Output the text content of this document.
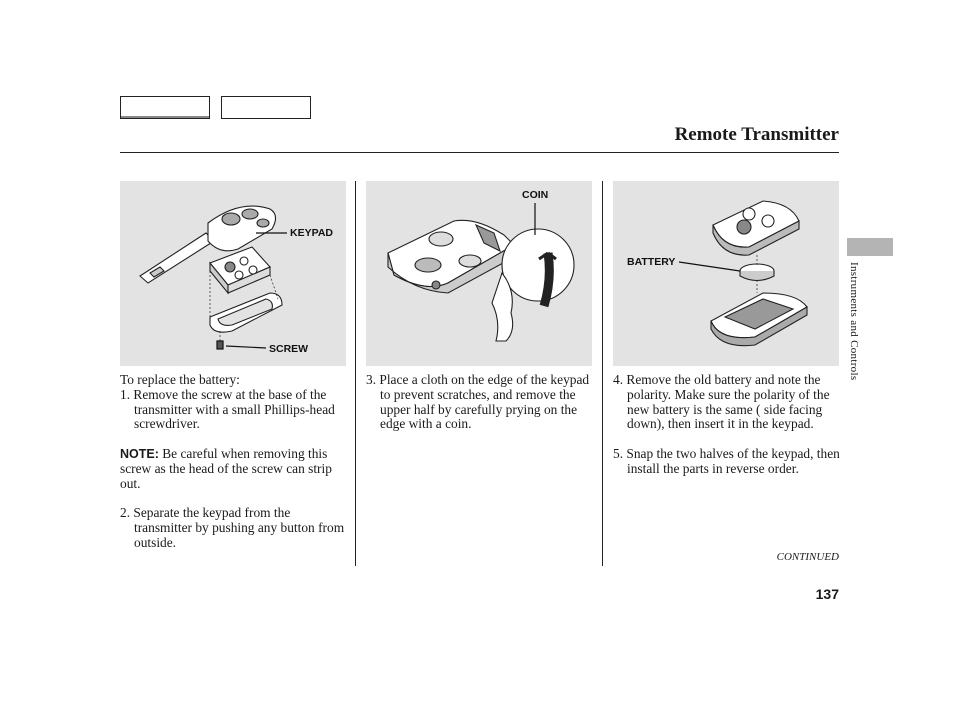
Remote Transmitter
KEYPAD
SCREW
COIN
BATTERY

To replace the battery:

1. Remove the screw at the base of the transmitter with a small Phillips-head screwdriver.

NOTE: Be careful when removing this screw as the head of the screw can strip out.

2. Separate the keypad from the transmitter by pushing any button from outside.

3. Place a cloth on the edge of the keypad to prevent scratches, and remove the upper half by carefully prying on the edge with a coin.

4. Remove the old battery and note the polarity. Make sure the polarity of the new battery is the same ( side facing down), then insert it in the keypad.

5. Snap the two halves of the keypad, then install the parts in reverse order.

Instruments and Controls
CONTINUED
137
